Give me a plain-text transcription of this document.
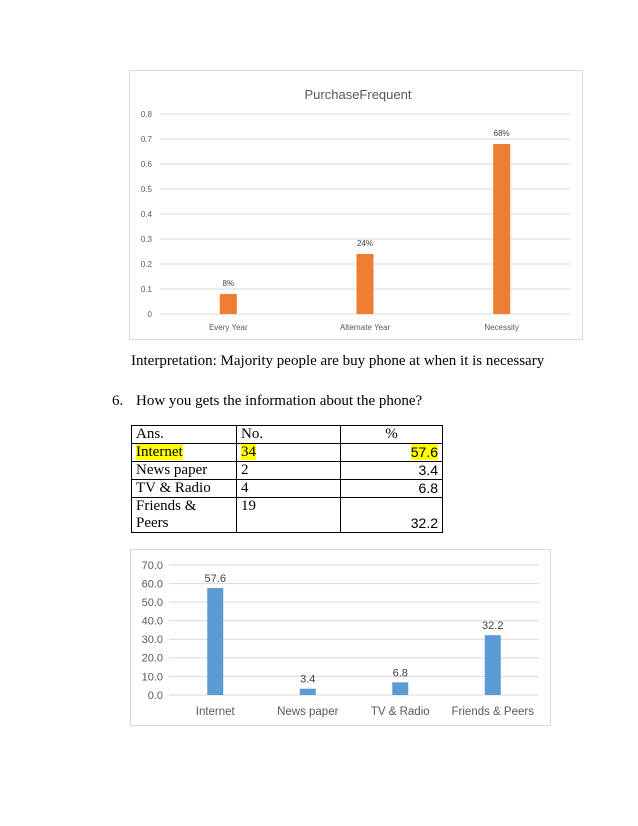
PurchaseFrequent
0
0.1
0.2
0.3
0.4
0.5
0.6
0.7
0.8
8%
Every Year
24%
Alternate Year
68%
Necessity
Interpretation: Majority people are buy phone at when it is necessary
6. How you gets the information about the phone?
Ans.	No.	%
Internet	34	57.6
News paper	2	3.4
TV & Radio	4	6.8

Friends & Peers	19	32.2
0.0
10.0
20.0
30.0
40.0
50.0
60.0
70.0
57.6
Internet
3.4
News paper
6.8
TV & Radio
32.2
Friends & Peers
